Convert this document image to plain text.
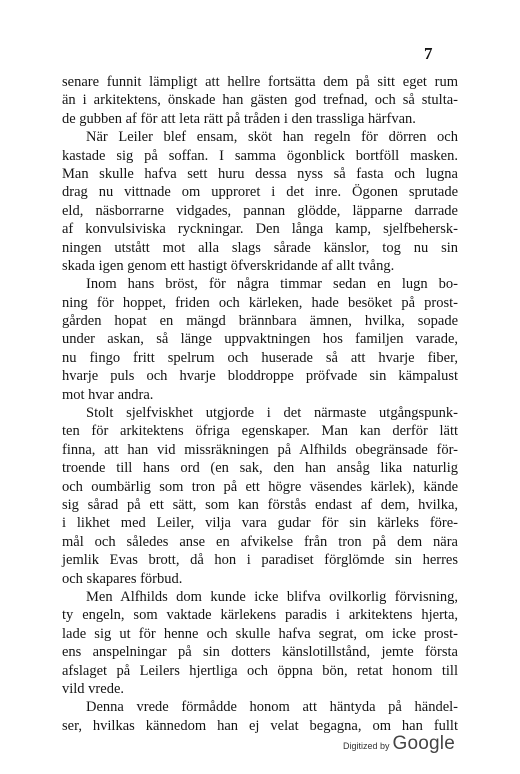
7
senare funnit lämpligt att hellre fortsätta dem på sitt eget rum
än i arkitektens, önskade han gästen god trefnad, och så stulta-
de gubben af för att leta rätt på tråden i den trassliga härfvan.
När Leiler blef ensam, sköt han regeln för dörren och
kastade sig på soffan. I samma ögonblick bortföll masken.
Man skulle hafva sett huru dessa nyss så fasta och lugna
drag nu vittnade om upproret i det inre. Ögonen sprutade
eld, näsborrarne vidgades, pannan glödde, läpparne darrade
af konvulsiviska ryckningar. Den långa kamp, sjelfbehersk-
ningen utstått mot alla slags sårade känslor, tog nu sin
skada igen genom ett hastigt öfverskridande af allt tvång.
Inom hans bröst, för några timmar sedan en lugn bo-
ning för hoppet, friden och kärleken, hade besöket på prost-
gården hopat en mängd brännbara ämnen, hvilka, sopade
under askan, så länge uppvaktningen hos familjen varade,
nu fingo fritt spelrum och huserade så att hvarje fiber,
hvarje puls och hvarje bloddroppe pröfvade sin kämpalust
mot hvar andra.
Stolt sjelfviskhet utgjorde i det närmaste utgångspunk-
ten för arkitektens öfriga egenskaper. Man kan derför lätt
finna, att han vid missräkningen på Alfhilds obegränsade för-
troende till hans ord (en sak, den han ansåg lika naturlig
och oumbärlig som tron på ett högre väsendes kärlek), kände
sig sårad på ett sätt, som kan förstås endast af dem, hvilka,
i likhet med Leiler, vilja vara gudar för sin kärleks före-
mål och således anse en afvikelse från tron på dem nära
jemlik Evas brott, då hon i paradiset förglömde sin herres
och skapares förbud.
Men Alfhilds dom kunde icke blifva ovilkorlig förvisning,
ty engeln, som vaktade kärlekens paradis i arkitektens hjerta,
lade sig ut för henne och skulle hafva segrat, om icke prost-
ens anspelningar på sin dotters känslotillstånd, jemte första
afslaget på Leilers hjertliga och öppna bön, retat honom till
vild vrede.
Denna vrede förmådde honom att häntyda på händel-
ser, hvilkas kännedom han ej velat begagna, om han fullt
Digitized by Google
